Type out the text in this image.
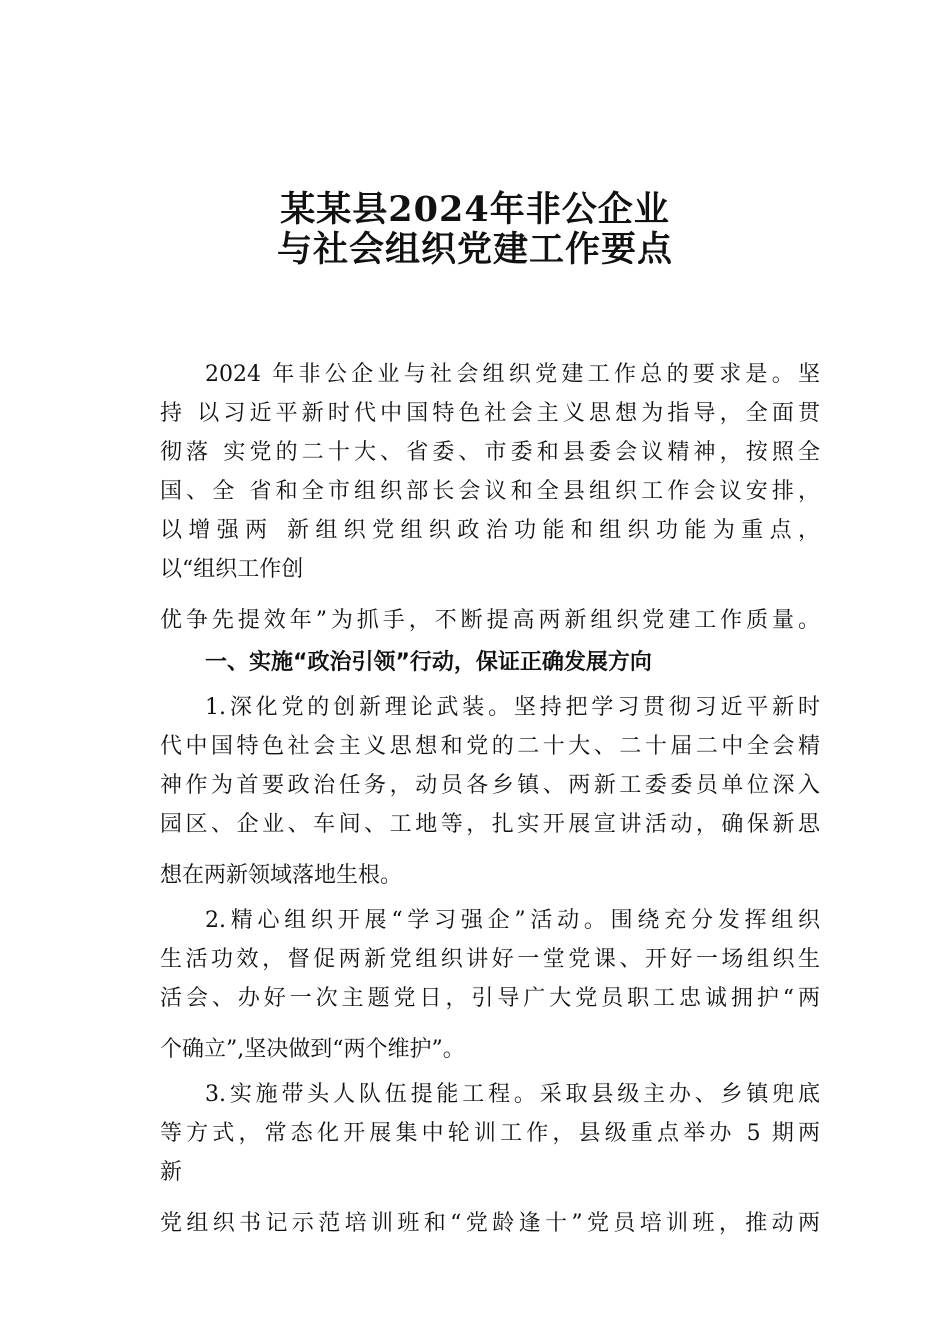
某某县2024年非公企业
与社会组织党建工作要点
2024 年非公企业与社会组织党建工作总的要求是。坚
持 以习近平新时代中国特色社会主义思想为指导，全面贯
彻落 实党的二十大、省委、市委和县委会议精神，按照全
国、全 省和全市组织部长会议和全县组织工作会议安排，
以增强两 新组织党组织政治功能和组织功能为重点，
以“组织工作创
优争先提效年”为抓手，不断提高两新组织党建工作质量。
一、实施“政治引领”行动，保证正确发展方向
1.深化党的创新理论武装。坚持把学习贯彻习近平新时
代中国特色社会主义思想和党的二十大、二十届二中全会精
神作为首要政治任务，动员各乡镇、两新工委委员单位深入
园区、企业、车间、工地等，扎实开展宣讲活动，确保新思
想在两新领域落地生根。
2.精心组织开展“学习强企”活动。围绕充分发挥组织
生活功效，督促两新党组织讲好一堂党课、开好一场组织生
活会、办好一次主题党日，引导广大党员职工忠诚拥护“两
个确立”,坚决做到“两个维护”。
3.实施带头人队伍提能工程。采取县级主办、乡镇兜底
等方式，常态化开展集中轮训工作，县级重点举办 5 期两
新
党组织书记示范培训班和“党龄逢十”党员培训班，推动两
